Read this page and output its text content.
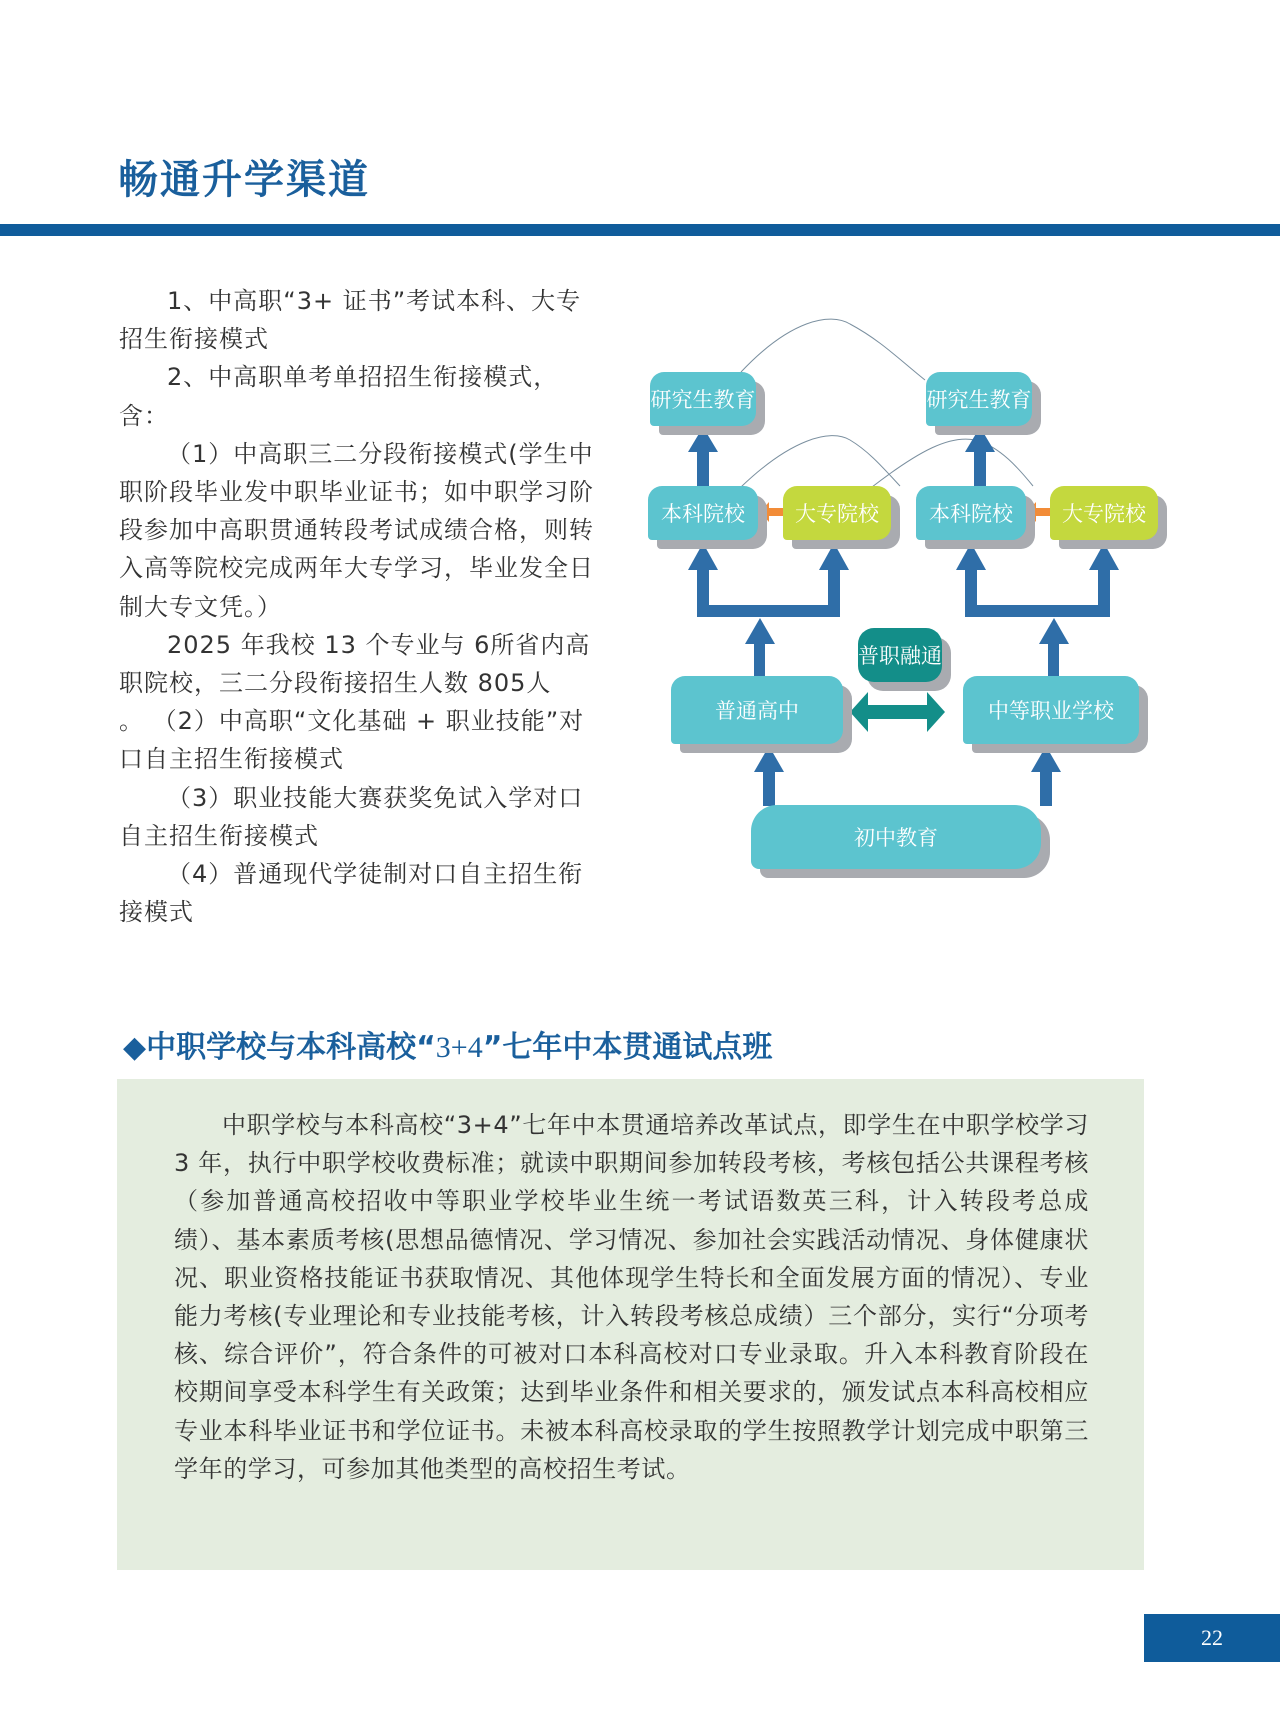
畅通升学渠道

1、中高职“3+ 证书”考试本科、大专招生衔接模式

2、中高职单考单招招生衔接模式，含：

（1）中高职三二分段衔接模式(学生中职阶段毕业发中职毕业证书；如中职学习阶段参加中高职贯通转段考试成绩合格，则转入高等院校完成两年大专学习，毕业发全日制大专文凭。）

2025 年我校 13 个专业与 6所省内高职院校，三二分段衔接招生人数 805人

。 （2）中高职“文化基础 + 职业技能”对口自主招生衔接模式

（3）职业技能大赛获奖免试入学对口自主招生衔接模式

（4）普通现代学徒制对口自主招生衔接模式

研究生教育	研究生教育
本科院校	大专院校	本科院校	大专院校
普职融通
普通高中	中等职业学校
初中教育
◆中职学校与本科高校“3+4”七年中本贯通试点班

中职学校与本科高校“3+4”七年中本贯通培养改革试点，即学生在中职学校学习 3 年，执行中职学校收费标准；就读中职期间参加转段考核，考核包括公共课程考核（参加普通高校招收中等职业学校毕业生统一考试语数英三科，计入转段考总成绩）、基本素质考核(思想品德情况、学习情况、参加社会实践活动情况、身体健康状况、职业资格技能证书获取情况、其他体现学生特长和全面发展方面的情况）、专业能力考核(专业理论和专业技能考核，计入转段考核总成绩）三个部分，实行“分项考核、综合评价”，符合条件的可被对口本科高校对口专业录取。升入本科教育阶段在校期间享受本科学生有关政策；达到毕业条件和相关要求的，颁发试点本科高校相应专业本科毕业证书和学位证书。未被本科高校录取的学生按照教学计划完成中职第三学年的学习，可参加其他类型的高校招生考试。

22
